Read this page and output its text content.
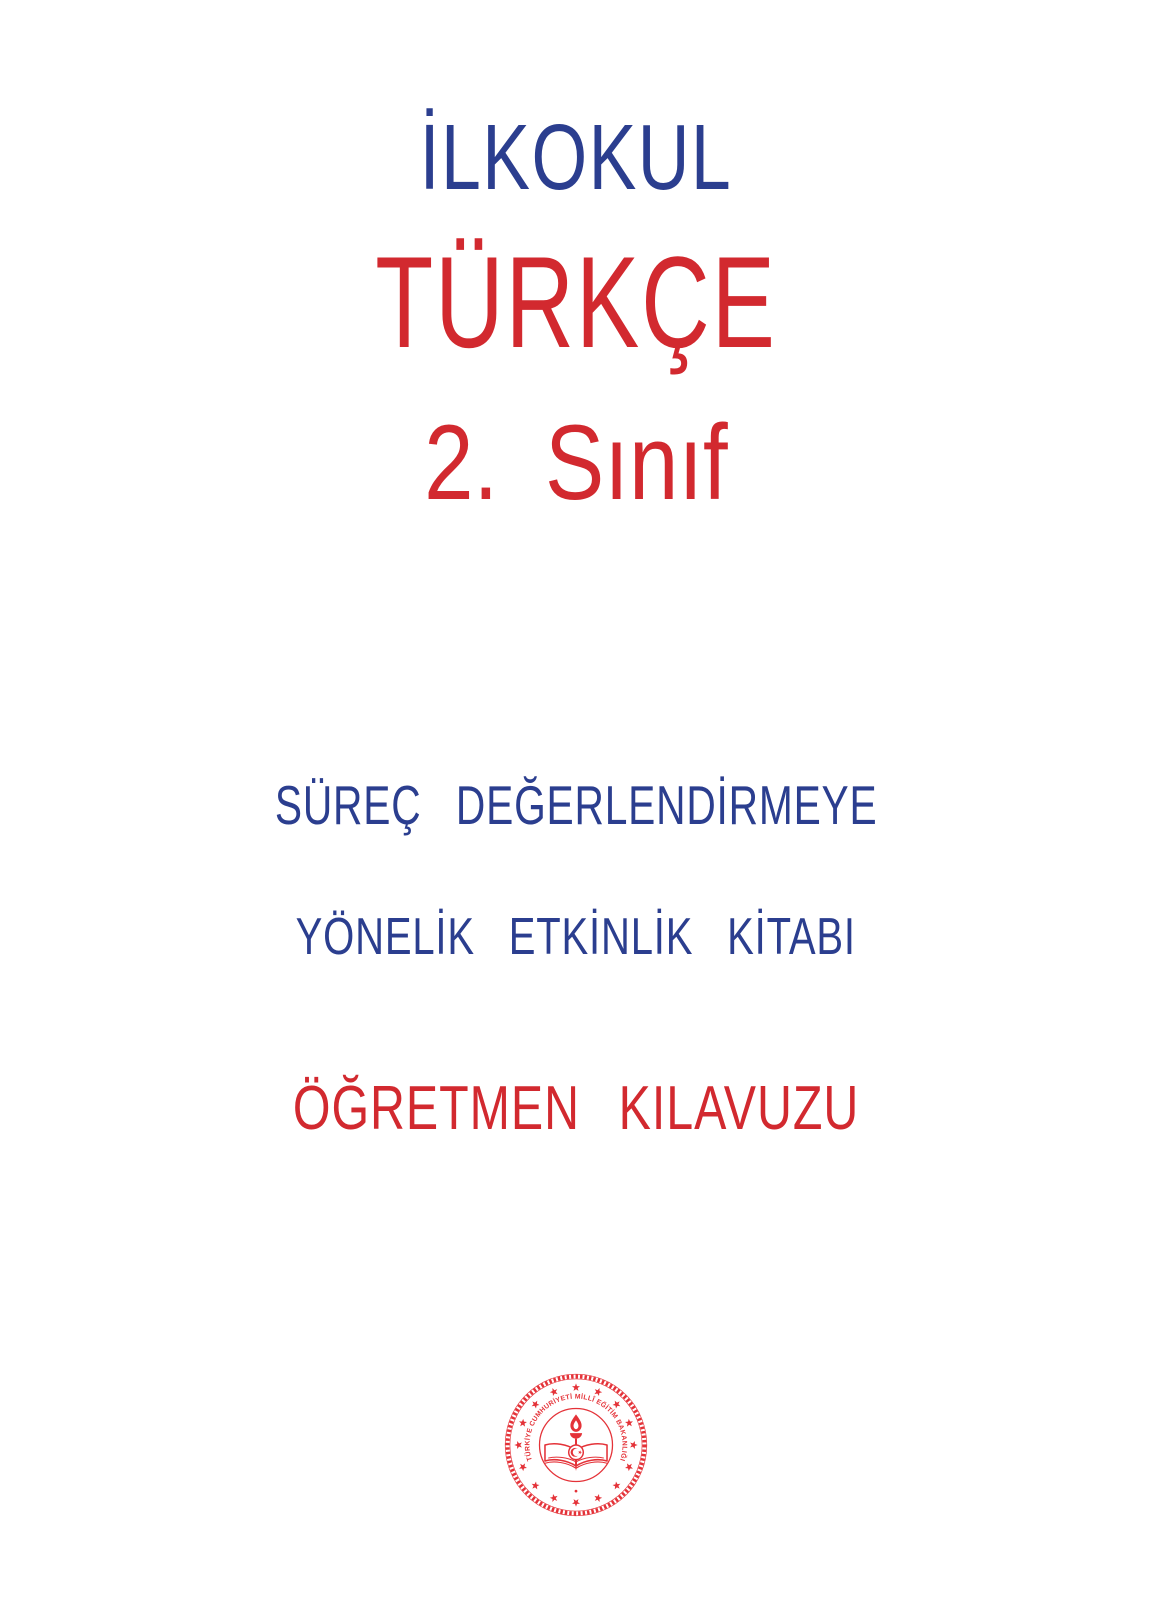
İLKOKUL
TÜRKÇE
2. Sınıf
SÜREÇ DEĞERLENDİRMEYE
YÖNELİK ETKİNLİK KİTABI
ÖĞRETMEN KILAVUZU
TÜRKİYE CUMHURİYETİ MİLLÎ EĞİTİM BAKANLIĞI
